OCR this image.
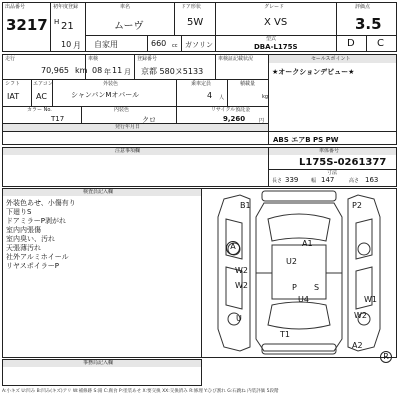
出品番号
3217
初年度登録
H 21
10 月
車名
ムーヴ
ドア形状
5W
グレード
X VS
評価点
3.5
自家用	660 cc ガソリン
型式
DBA-L175S	D C
走行
70,965 km
車検
08 年 11 月
登録番号
京都 580ヌ5133
車検証記載状況	セールスポイント
★オークションデビュー★
シフト
IAT
エアコン
AC
外装色
シャンパンMオパール
乗車定員
4 人
積載量
kg
カラー No.
T17
内装色
クロ
リサイクル預託金
9,260	円
発行年月日
ABS エアB PS PW
注意事項欄	車体番号
L175S-0261377
寸法
長さ 339	幅 147	高さ 163
検査員記入欄
外装色あせ、小傷有り
下廻りS
ドアミラーP剥がれ
室内内張傷
室内臭い、汚れ
天張薄汚れ
社外アルミホイール
リヤスポイラーP
B1	P2
A
W2
W2
A1
U2
U4
P S
U
T1
W1
W2
R
A2
事務局記入欄
A:小キズ U:凹み B:凹み(キズ)アリ W:補修跡 S:錆 C:腐食 P:塗装あせ X:要交換 XX:交換済み R:修理 Y:ひび割れ G:石跳ね 内装評価 5段階
